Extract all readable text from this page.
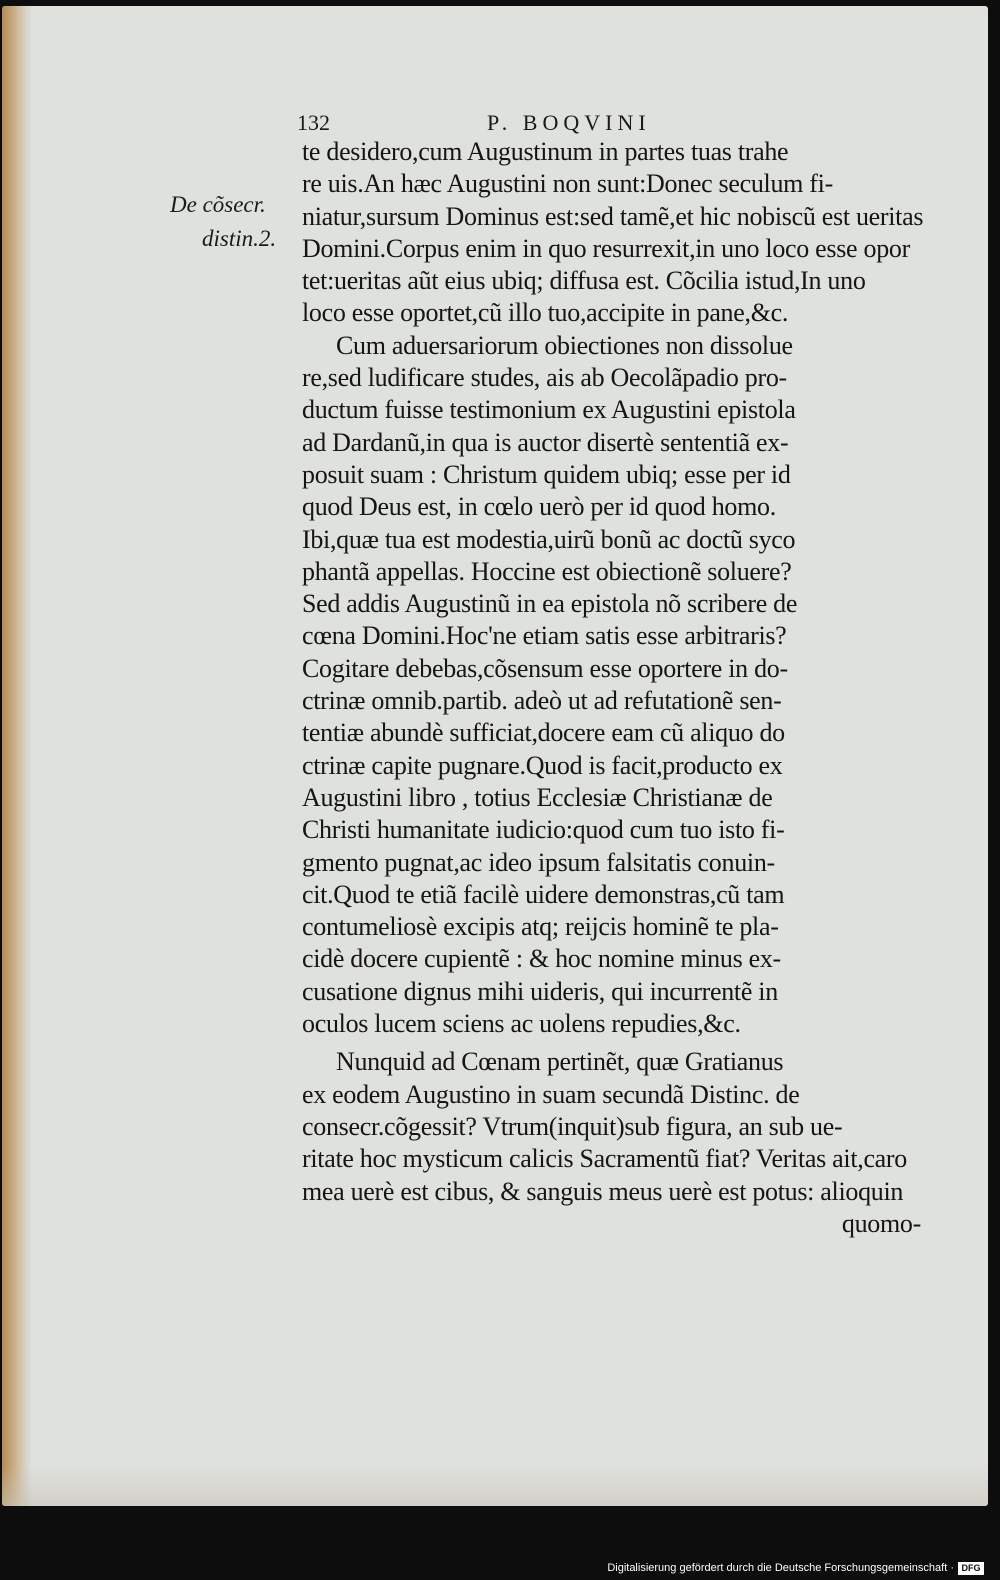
132	P. BOQVINI
De cõsecr.
distin.2.
te desidero,cum Augustinum in partes tuas trahe
re uis.An hæc Augustini non sunt:Donec seculum fi-
niatur,sursum Dominus est:sed tamẽ,et hic nobiscũ est ueritas
Domini.Corpus enim in quo resurrexit,in uno loco esse opor
tet:ueritas aũt eius ubiq; diffusa est. Cõcilia istud,In uno
loco esse oportet,cũ illo tuo,accipite in pane,&c.
Cum aduersariorum obiectiones non dissolue
re,sed ludificare studes, ais ab Oecolãpadio pro-
ductum fuisse testimonium ex Augustini epistola
ad Dardanũ,in qua is auctor disertè sententiã ex-
posuit suam : Christum quidem ubiq; esse per id
quod Deus est, in cœlo uerò per id quod homo.
Ibi,quæ tua est modestia,uirũ bonũ ac doctũ syco
phantã appellas. Hoccine est obiectionẽ soluere?
Sed addis Augustinũ in ea epistola nõ scribere de
cœna Domini.Hoc'ne etiam satis esse arbitraris?
Cogitare debebas,cõsensum esse oportere in do-
ctrinæ omnib.partib. adeò ut ad refutationẽ sen-
tentiæ abundè sufficiat,docere eam cũ aliquo do
ctrinæ capite pugnare.Quod is facit,producto ex
Augustini libro , totius Ecclesiæ Christianæ de
Christi humanitate iudicio:quod cum tuo isto fi-
gmento pugnat,ac ideo ipsum falsitatis conuin-
cit.Quod te etiã facilè uidere demonstras,cũ tam
contumeliosè excipis atq; reijcis hominẽ te pla-
cidè docere cupientẽ : & hoc nomine minus ex-
cusatione dignus mihi uideris, qui incurrentẽ in
oculos lucem sciens ac uolens repudies,&c.
Nunquid ad Cœnam pertinẽt, quæ Gratianus
ex eodem Augustino in suam secundã Distinc. de
consecr.cõgessit? Vtrum(inquit)sub figura, an sub ue-
ritate hoc mysticum calicis Sacramentũ fiat? Veritas ait,caro
mea uerè est cibus, & sanguis meus uerè est potus: alioquin
quomo-
Digitalisierung gefördert durch die Deutsche Forschungsgemeinschaft · DFG
